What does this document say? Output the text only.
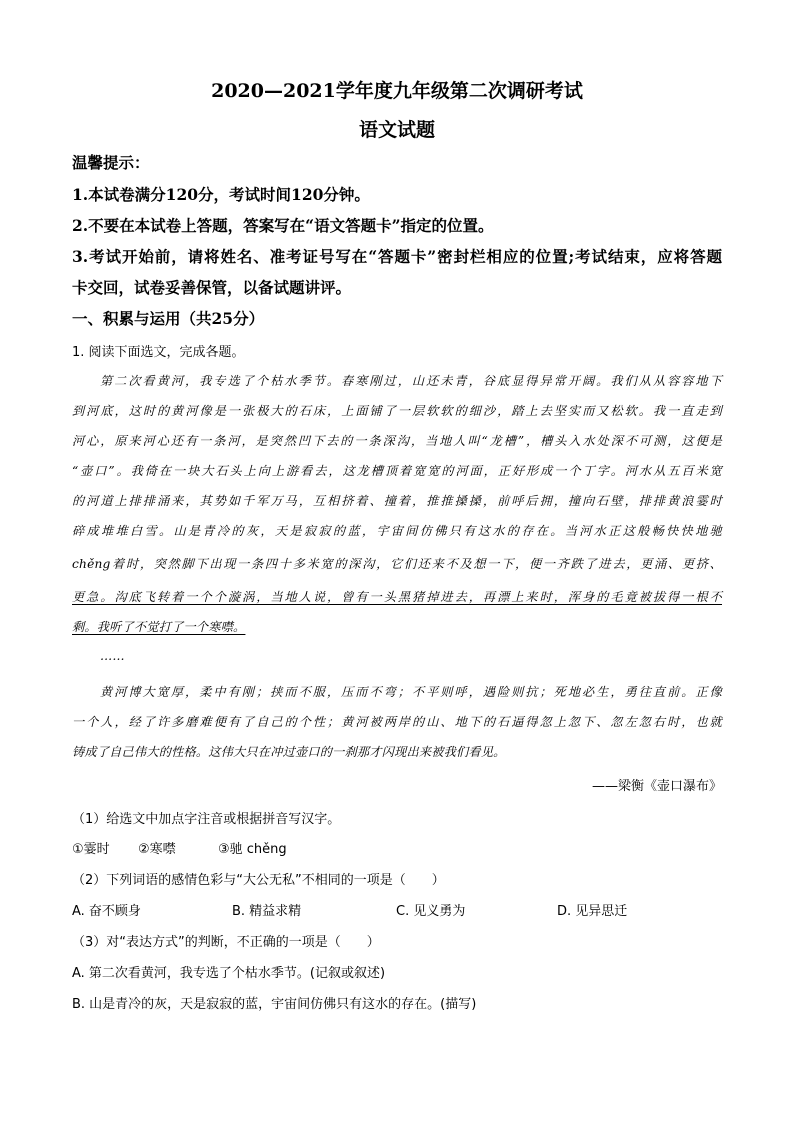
2020—2021学年度九年级第二次调研考试
语文试题
温馨提示：
1.本试卷满分120分，考试时间120分钟。
2.不要在本试卷上答题，答案写在“语文答题卡”指定的位置。
3.考试开始前，请将姓名、准考证号写在“答题卡”密封栏相应的位置;考试结束，应将答题
卡交回，试卷妥善保管，以备试题讲评。
一、积累与运用（共25分）
1. 阅读下面选文，完成各题。
第二次看黄河，我专选了个枯水季节。春寒刚过，山还未青，谷底显得异常开阔。我们从从容容地下
到河底，这时的黄河像是一张极大的石床，上面铺了一层软软的细沙，踏上去坚实而又松软。我一直走到
河心，原来河心还有一条河，是突然凹下去的一条深沟，当地人叫“龙槽”，槽头入水处深不可测，这便是
“壶口”。我倚在一块大石头上向上游看去，这龙槽顶着宽宽的河面，正好形成一个丁字。河水从五百米宽
的河道上排排涌来，其势如千军万马，互相挤着、撞着，推推搡搡，前呼后拥，撞向石壁，排排黄浪霎时
碎成堆堆白雪。山是青冷的灰，天是寂寂的蓝，宇宙间仿佛只有这水的存在。当河水正这般畅快快地驰
chěng着时，突然脚下出现一条四十多米宽的深沟，它们还来不及想一下，便一齐跌了进去，更涌、更挤、
更急。沟底飞转着一个个漩涡，当地人说，曾有一头黑猪掉进去，再漂上来时，浑身的毛竟被拔得一根不
剩。我听了不觉打了一个寒噤。
……
黄河博大宽厚，柔中有刚；挟而不服，压而不弯；不平则呼，遇险则抗；死地必生，勇往直前。正像
一个人，经了许多磨难便有了自己的个性；黄河被两岸的山、地下的石逼得忽上忽下、忽左忽右时，也就
铸成了自己伟大的性格。这伟大只在冲过壶口的一刹那才闪现出来被我们看见。
——梁衡《壶口瀑布》
（1）给选文中加点字注音或根据拼音写汉字。
①霎时 ②寒噤	③驰 chěng
（2）下列词语的感情色彩与“大公无私”不相同的一项是（　　）
A. 奋不顾身	B. 精益求精	C. 见义勇为	D. 见异思迁
（3）对“表达方式”的判断，不正确的一项是（　　）
A. 第二次看黄河，我专选了个枯水季节。(记叙或叙述)
B. 山是青冷的灰，天是寂寂的蓝，宇宙间仿佛只有这水的存在。(描写)
